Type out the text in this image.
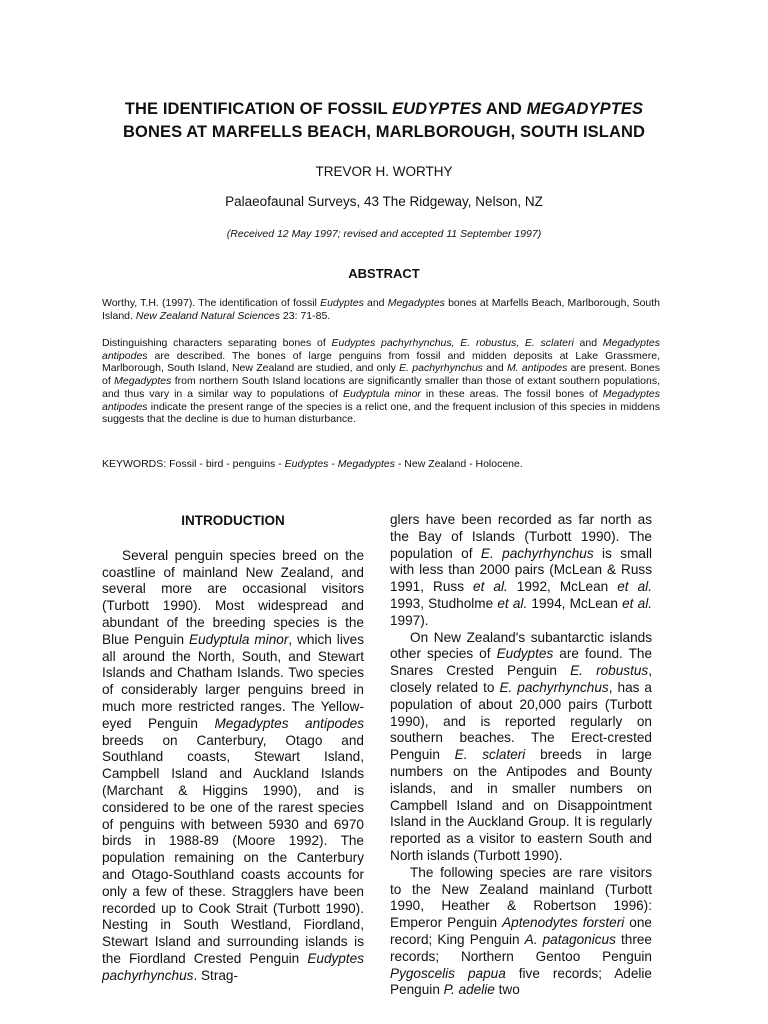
THE IDENTIFICATION OF FOSSIL EUDYPTES AND MEGADYPTES
BONES AT MARFELLS BEACH, MARLBOROUGH, SOUTH ISLAND
TREVOR H. WORTHY
Palaeofaunal Surveys, 43 The Ridgeway, Nelson, NZ
(Received 12 May 1997; revised and accepted 11 September 1997)
ABSTRACT

Worthy, T.H. (1997). The identification of fossil Eudyptes and Megadyptes bones at Marfells Beach, Marlborough, South Island. New Zealand Natural Sciences 23: 71-85.

Distinguishing characters separating bones of Eudyptes pachyrhynchus, E. robustus, E. sclateri and Megadyptes antipodes are described. The bones of large penguins from fossil and midden deposits at Lake Grassmere, Marlborough, South Island, New Zealand are studied, and only E. pachyrhynchus and M. antipodes are present. Bones of Megadyptes from northern South Island locations are significantly smaller than those of extant southern populations, and thus vary in a similar way to populations of Eudyptula minor in these areas. The fossil bones of Megadyptes antipodes indicate the present range of the species is a relict one, and the frequent inclusion of this species in middens suggests that the decline is due to human disturbance.

KEYWORDS: Fossil - bird - penguins - Eudyptes - Megadyptes - New Zealand - Holocene.

INTRODUCTION

Several penguin species breed on the coastline of mainland New Zealand, and several more are occasional visitors (Turbott 1990). Most widespread and abundant of the breeding species is the Blue Penguin Eudyptula minor, which lives all around the North, South, and Stewart Islands and Chatham Islands. Two species of considerably larger penguins breed in much more restricted ranges. The Yellow-eyed Penguin Megadyptes antipodes breeds on Canterbury, Otago and Southland coasts, Stewart Island, Campbell Island and Auckland Islands (Marchant & Higgins 1990), and is considered to be one of the rarest species of penguins with between 5930 and 6970 birds in 1988-89 (Moore 1992). The population remaining on the Canterbury and Otago-Southland coasts accounts for only a few of these. Stragglers have been recorded up to Cook Strait (Turbott 1990). Nesting in South Westland, Fiordland, Stewart Island and surrounding islands is the Fiordland Crested Penguin Eudyptes pachyrhynchus. Strag-

glers have been recorded as far north as the Bay of Islands (Turbott 1990). The population of E. pachyrhynchus is small with less than 2000 pairs (McLean & Russ 1991, Russ et al. 1992, McLean et al. 1993, Studholme et al. 1994, McLean et al. 1997).

On New Zealand's subantarctic islands other species of Eudyptes are found. The Snares Crested Penguin E. robustus, closely related to E. pachyrhynchus, has a population of about 20,000 pairs (Turbott 1990), and is reported regularly on southern beaches. The Erect-crested Penguin E. sclateri breeds in large numbers on the Antipodes and Bounty islands, and in smaller numbers on Campbell Island and on Disappointment Island in the Auckland Group. It is regularly reported as a visitor to eastern South and North islands (Turbott 1990).

The following species are rare visitors to the New Zealand mainland (Turbott 1990, Heather & Robertson 1996): Emperor Penguin Aptenodytes forsteri one record; King Penguin A. patagonicus three records; Northern Gentoo Penguin Pygoscelis papua five records; Adelie Penguin P. adelie two
